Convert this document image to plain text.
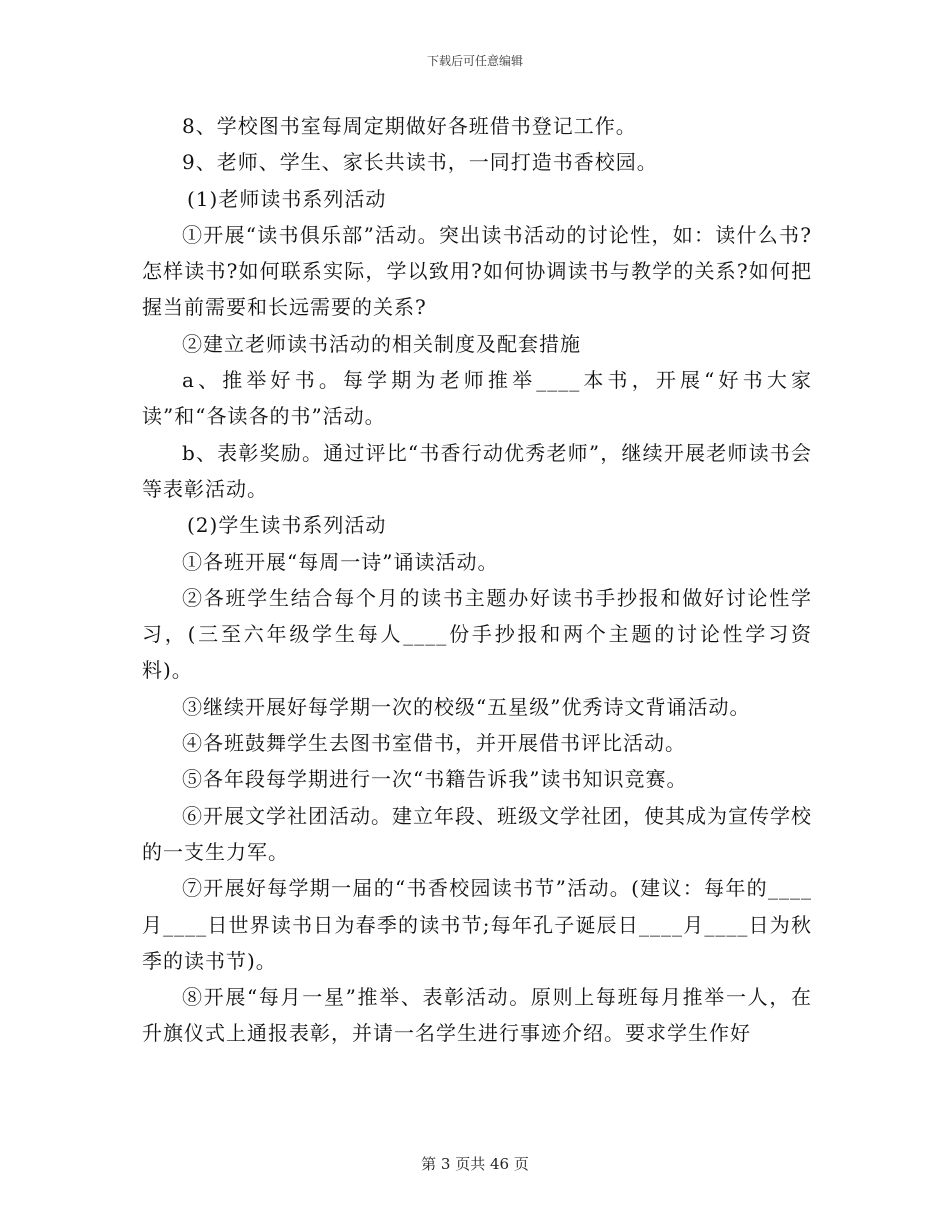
下载后可任意编辑

8、学校图书室每周定期做好各班借书登记工作。

9、老师、学生、家长共读书，一同打造书香校园。

(1)老师读书系列活动

①开展“读书俱乐部”活动。突出读书活动的讨论性，如：读什么书?怎样读书?如何联系实际，学以致用?如何协调读书与教学的关系?如何把握当前需要和长远需要的关系?

②建立老师读书活动的相关制度及配套措施

a、推举好书。每学期为老师推举____本书，开展“好书大家读”和“各读各的书”活动。

b、表彰奖励。通过评比“书香行动优秀老师”，继续开展老师读书会等表彰活动。

(2)学生读书系列活动

①各班开展“每周一诗”诵读活动。

②各班学生结合每个月的读书主题办好读书手抄报和做好讨论性学习，(三至六年级学生每人____份手抄报和两个主题的讨论性学习资料)。

③继续开展好每学期一次的校级“五星级”优秀诗文背诵活动。

④各班鼓舞学生去图书室借书，并开展借书评比活动。

⑤各年段每学期进行一次“书籍告诉我”读书知识竞赛。

⑥开展文学社团活动。建立年段、班级文学社团，使其成为宣传学校的一支生力军。

⑦开展好每学期一届的“书香校园读书节”活动。(建议：每年的____月____日世界读书日为春季的读书节;每年孔子诞辰日____月____日为秋季的读书节)。

⑧开展“每月一星”推举、表彰活动。原则上每班每月推举一人，在升旗仪式上通报表彰，并请一名学生进行事迹介绍。要求学生作好

第 3 页共 46 页
